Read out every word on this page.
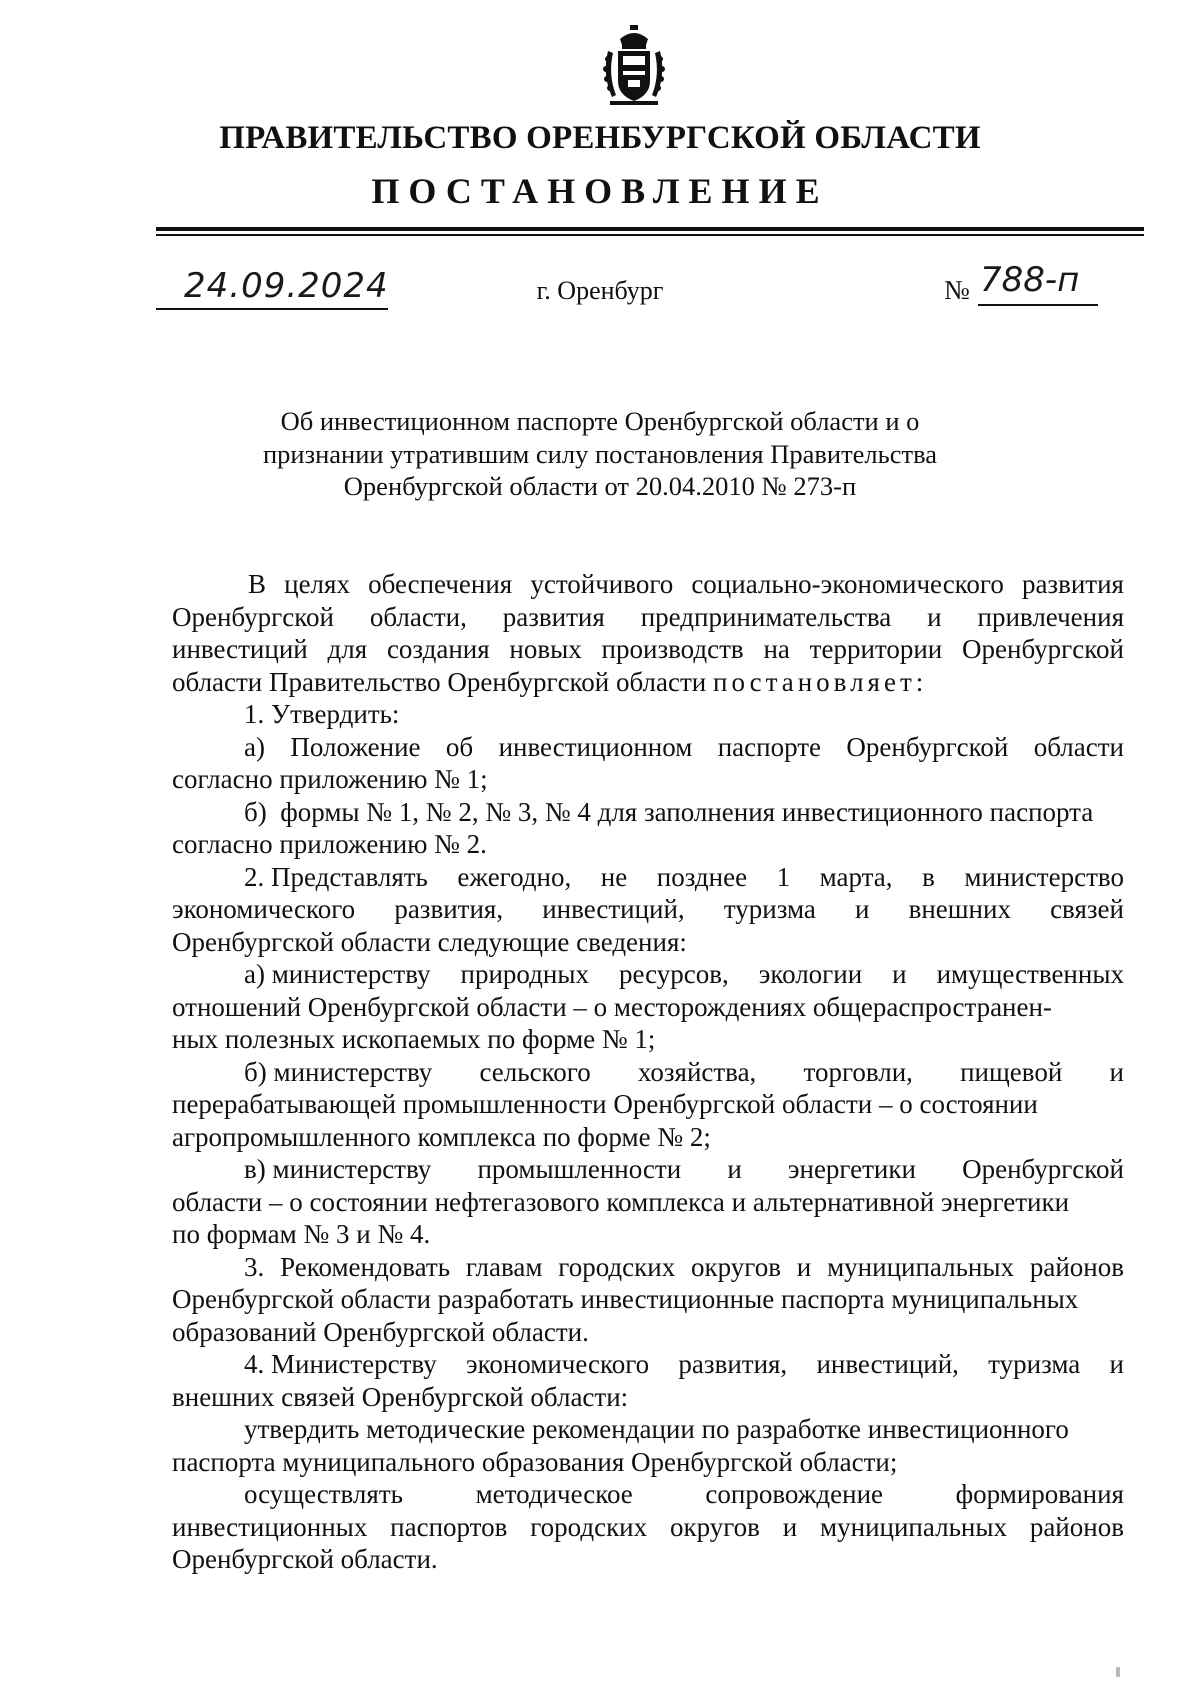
ПРАВИТЕЛЬСТВО ОРЕНБУРГСКОЙ ОБЛАСТИ
ПОСТАНОВЛЕНИЕ
24.09.2024	г. Оренбург	№ 788-п
Об инвестиционном паспорте Оренбургской области и о
признании утратившим силу постановления Правительства
Оренбургской области от 20.04.2010 № 273-п
В целях обеспечения устойчивого социально-экономического развития
Оренбургской области, развития предпринимательства и привлечения
инвестиций для создания новых производств на территории Оренбургской
области Правительство Оренбургской области постановляет:
1. Утвердить:
а) Положение об инвестиционном паспорте Оренбургской области
согласно приложению № 1;
б)  формы № 1, № 2, № 3, № 4 для заполнения инвестиционного паспорта
согласно приложению № 2.
2. Представлять ежегодно, не позднее 1 марта, в министерство
экономического развития, инвестиций, туризма и внешних связей
Оренбургской области следующие сведения:
а) министерству природных ресурсов, экологии и имущественных
отношений Оренбургской области – о месторождениях общераспространен-
ных полезных ископаемых по форме № 1;
б) министерству сельского хозяйства, торговли, пищевой и
перерабатывающей промышленности Оренбургской области – о состоянии
агропромышленного комплекса по форме № 2;
в) министерству промышленности и энергетики Оренбургской
области – о состоянии нефтегазового комплекса и альтернативной энергетики
по формам № 3 и № 4.
3. Рекомендовать главам городских округов и муниципальных районов
Оренбургской области разработать инвестиционные паспорта муниципальных
образований Оренбургской области.
4. Министерству экономического развития, инвестиций, туризма и
внешних связей Оренбургской области:
утвердить методические рекомендации по разработке инвестиционного
паспорта муниципального образования Оренбургской области;
осуществлять	методическое	сопровождение	формирования
инвестиционных паспортов городских округов и муниципальных районов
Оренбургской области.
